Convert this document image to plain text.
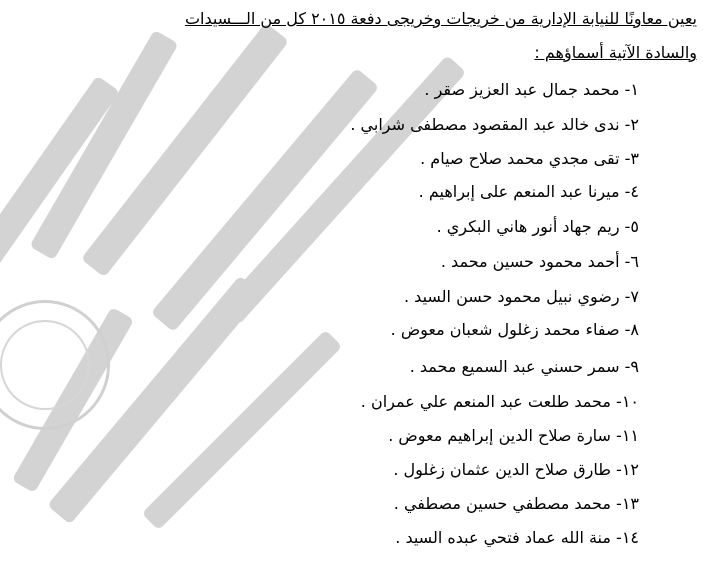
يعين معاونًا للنيابة الإدارية من خريجات وخريجى دفعة ٢٠١٥ كل من الـــسيدات
والسادة الآتية أسماؤهم :
١- محمد جمال عبد العزيز صقر .
٢- ندى خالد عبد المقصود مصطفى شرابي .
٣- تقى مجدي محمد صلاح صيام .
٤- ميرنا عبد المنعم على إبراهيم .
٥- ريم جهاد أنور هاني البكري .
٦- أحمد محمود حسين محمد .
٧- رضوي نبيل محمود حسن السيد .
٨- صفاء محمد زغلول شعبان معوض .
٩- سمر حسني عبد السميع محمد .
١٠- محمد طلعت عبد المنعم علي عمران .
١١- سارة صلاح الدين إبراهيم معوض .
١٢- طارق صلاح الدين عثمان زغلول .
١٣- محمد مصطفي حسين مصطفي .
١٤- منة الله عماد فتحي عبده السيد .
